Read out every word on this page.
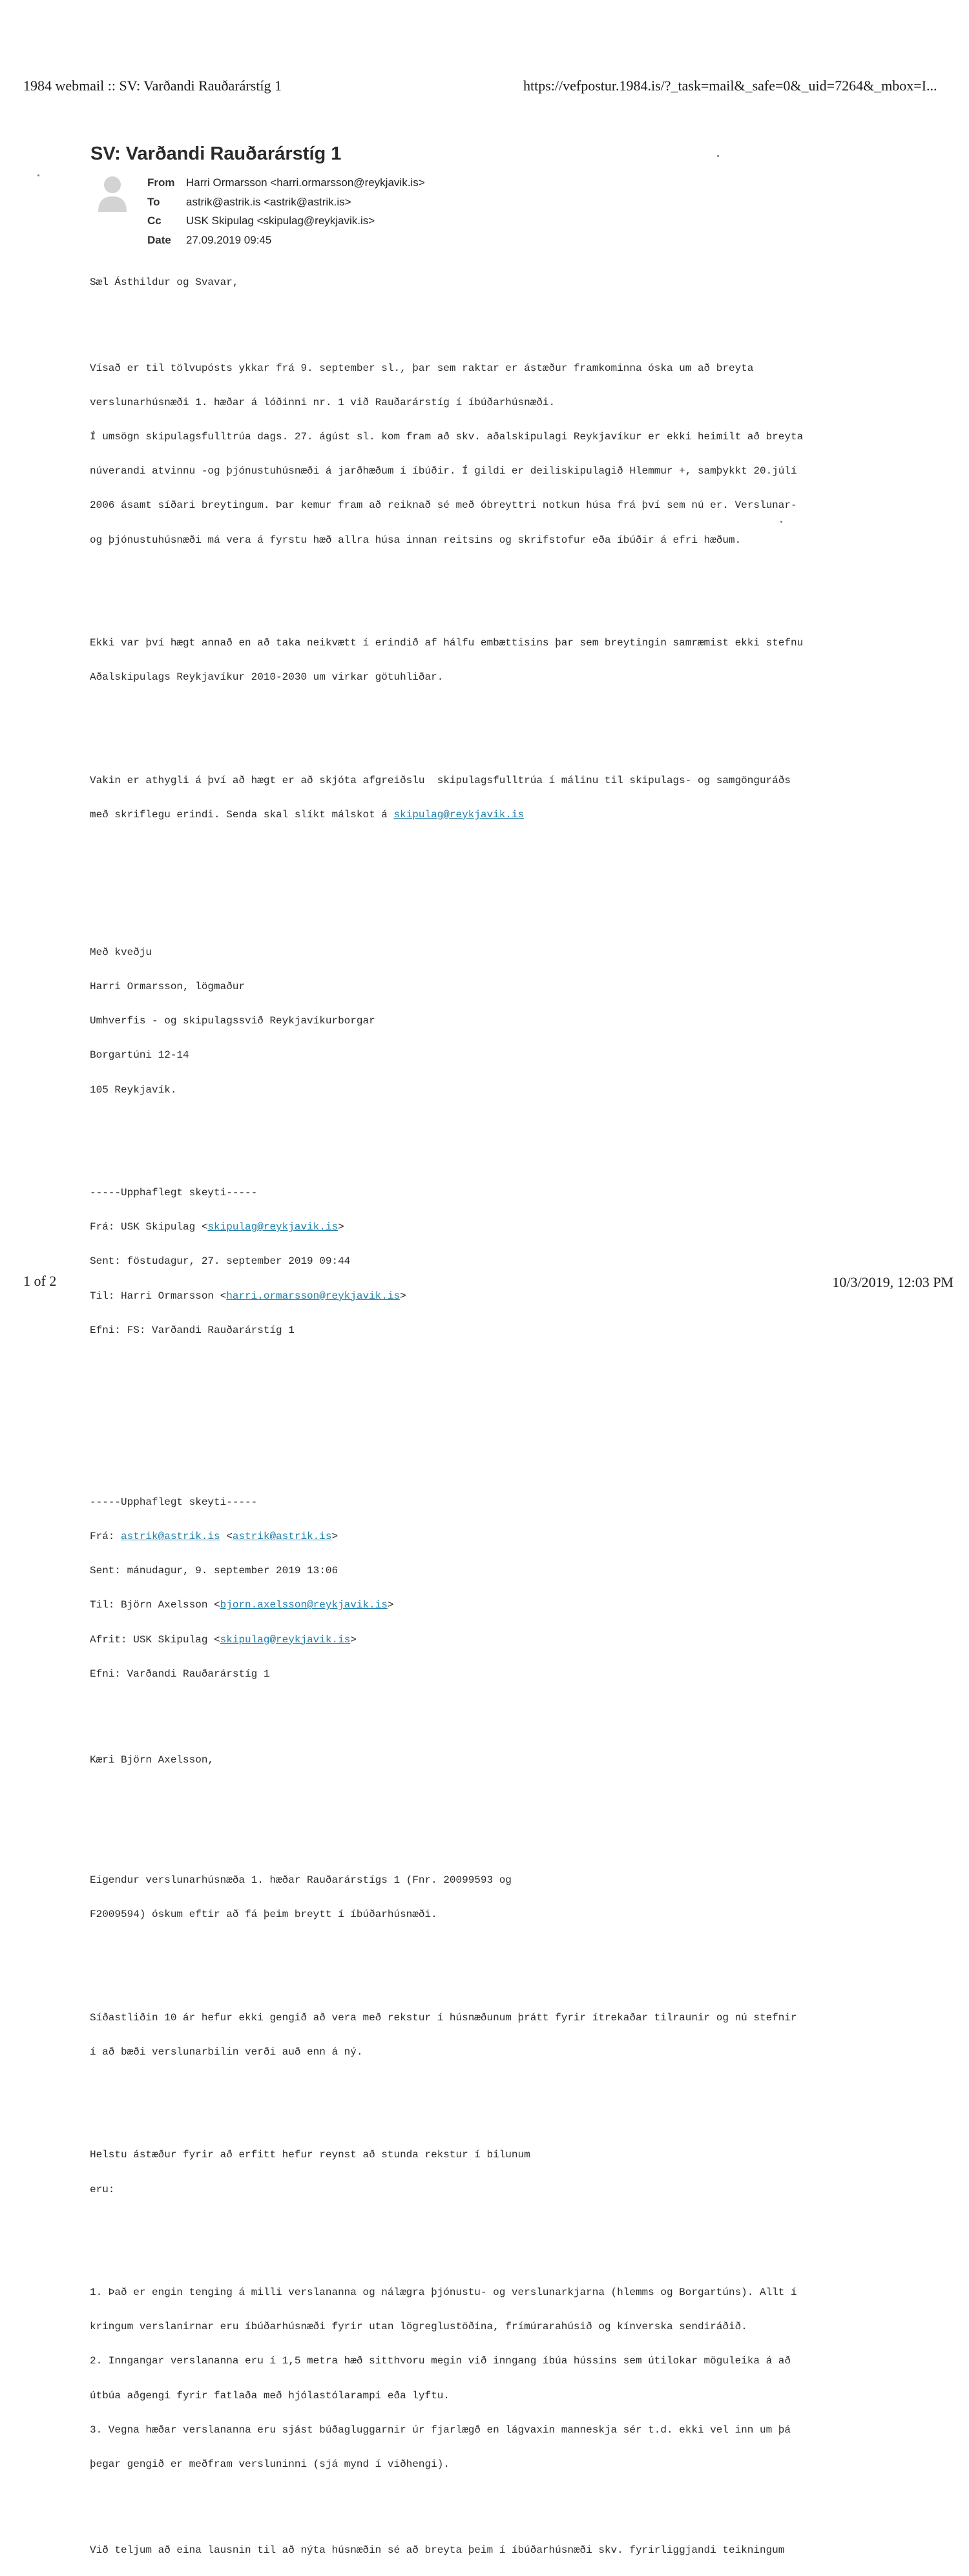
1984 webmail :: SV: Varðandi Rauðarárstíg 1	https://vefpostur.1984.is/?_task=mail&_safe=0&_uid=7264&_mbox=I...
SV: Varðandi Rauðarárstíg 1
From	Harri Ormarsson <harri.ormarsson@reykjavik.is>
To	astrik@astrik.is <astrik@astrik.is>
Cc	USK Skipulag <skipulag@reykjavik.is>
Date	27.09.2019 09:45

Sæl Ásthildur og Svavar,

Vísað er til tölvupósts ykkar frá 9. september sl., þar sem raktar er ástæður framkominna óska um að breyta

verslunarhúsnæði 1. hæðar á lóðinni nr. 1 við Rauðarárstíg í íbúðarhúsnæði.

Í umsögn skipulagsfulltrúa dags. 27. ágúst sl. kom fram að skv. aðalskipulagi Reykjavíkur er ekki heimilt að breyta

núverandi atvinnu -og þjónustuhúsnæði á jarðhæðum í íbúðir. Í gildi er deiliskipulagið Hlemmur +, samþykkt 20.júlí

2006 ásamt síðari breytingum. Þar kemur fram að reiknað sé með óbreyttri notkun húsa frá því sem nú er. Verslunar-

og þjónustuhúsnæði má vera á fyrstu hæð allra húsa innan reitsins og skrifstofur eða íbúðir á efri hæðum.

Ekki var því hægt annað en að taka neikvætt í erindið af hálfu embættisins þar sem breytingin samræmist ekki stefnu

Aðalskipulags Reykjavíkur 2010-2030 um virkar götuhliðar.

Vakin er athygli á því að hægt er að skjóta afgreiðslu  skipulagsfulltrúa í málinu til skipulags- og samgönguráðs

með skriflegu erindi. Senda skal slíkt málskot á skipulag@reykjavik.is

Með kveðju

Harri Ormarsson, lögmaður

Umhverfis - og skipulagssvið Reykjavíkurborgar

Borgartúni 12-14

105 Reykjavík.

-----Upphaflegt skeyti-----

Frá: USK Skipulag <skipulag@reykjavik.is>

Sent: föstudagur, 27. september 2019 09:44

Til: Harri Ormarsson <harri.ormarsson@reykjavik.is>

Efni: FS: Varðandi Rauðarárstíg 1

-----Upphaflegt skeyti-----

Frá: astrik@astrik.is <astrik@astrik.is>

Sent: mánudagur, 9. september 2019 13:06

Til: Björn Axelsson <bjorn.axelsson@reykjavik.is>

Afrit: USK Skipulag <skipulag@reykjavik.is>

Efni: Varðandi Rauðarárstíg 1

Kæri Björn Axelsson,

Eigendur verslunarhúsnæða 1. hæðar Rauðarárstígs 1 (Fnr. 20099593 og

F2009594) óskum eftir að fá þeim breytt í íbúðarhúsnæði.

Síðastliðin 10 ár hefur ekki gengið að vera með rekstur í húsnæðunum þrátt fyrir ítrekaðar tilraunir og nú stefnir

í að bæði verslunarbilin verði auð enn á ný.

Helstu ástæður fyrir að erfitt hefur reynst að stunda rekstur í bilunum

eru:

1. Það er engin tenging á milli verslananna og nálægra þjónustu- og verslunarkjarna (hlemms og Borgartúns). Allt í

kringum verslanirnar eru íbúðarhúsnæði fyrir utan lögreglustöðina, frímúrarahúsið og kínverska sendiráðið.

2. Inngangar verslananna eru í 1,5 metra hæð sitthvoru megin við inngang íbúa hússins sem útilokar möguleika á að

útbúa aðgengi fyrir fatlaða með hjólastólarampi eða lyftu.

3. Vegna hæðar verslananna eru sjást búðagluggarnir úr fjarlægð en lágvaxin manneskja sér t.d. ekki vel inn um þá

þegar gengið er meðfram versluninni (sjá mynd í viðhengi).

Við teljum að eina lausnin til að nýta húsnæðin sé að breyta þeim í íbúðarhúsnæði skv. fyrirliggjandi teikningum

1 of 2	10/3/2019, 12:03 PM
